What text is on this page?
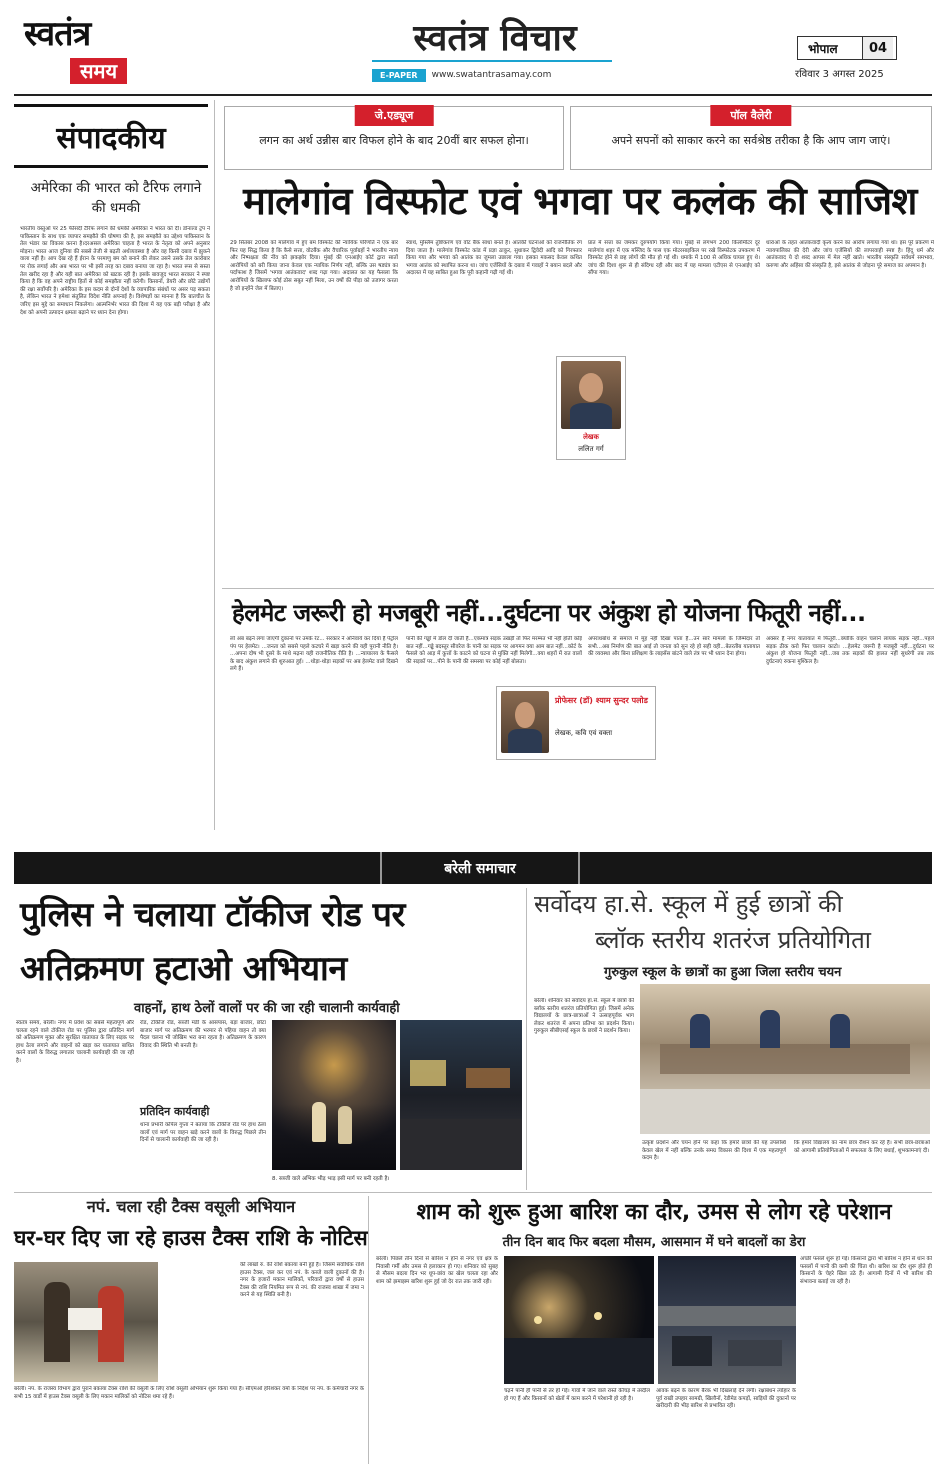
स्वतंत्र
समय
स्वतंत्र विचार
E-PAPER	www.swatantrasamay.com
भोपाल	04
रविवार 3 अगस्त 2025
संपादकीय
अमेरिका की भारत को टैरिफ लगाने की धमकी
भारतीय वस्तुओं पर 25 फीसदी टैरिफ लगाने की धमकी अमेरिका ने भारत को दी। डोनाल्ड ट्रंप ने पाकिस्तान के साथ एक व्यापार समझौते की घोषणा की है, इस समझौते का उद्देश्य पाकिस्तान के तेल भंडार का विकास करना है।दरअसल अमेरिका चाहता है भारत के नेतृत्व को अपने अनुसार मोड़ना। भारत आज दुनिया की सबसे तेजी से बढ़ती अर्थव्यवस्था है और वह किसी दबाव में झुकने वाला नहीं है। आप देख रहे हैं ईरान के परमाणु बम को बनाने की लेकर उसने उसके तेल कारोबार पर रोक लगाई और अब भारत पर भी इसी तरह का दबाव बनाया जा रहा है। भारत रूस से सस्ता तेल खरीद रहा है और यही बात अमेरिका को खटक रही है। इसके बावजूद भारत सरकार ने स्पष्ट किया है कि वह अपने राष्ट्रीय हितों से कोई समझौता नहीं करेगी। किसानों, डेयरी और छोटे उद्योगों की रक्षा सर्वोपरि है। अमेरिका के इस कदम से दोनों देशों के व्यापारिक संबंधों पर असर पड़ सकता है, लेकिन भारत ने हमेशा संतुलित विदेश नीति अपनाई है। विशेषज्ञों का मानना है कि बातचीत के जरिए इस मुद्दे का समाधान निकलेगा। आत्मनिर्भर भारत की दिशा में यह एक बड़ी परीक्षा है और देश को अपनी उत्पादन क्षमता बढ़ाने पर ध्यान देना होगा।
जे.एड्यूज
लगन का अर्थ उन्नीस बार विफल होने के बाद 20वीं बार सफल होना।
पॉल वैलेरी
अपने सपनों को साकार करने का सर्वश्रेष्ठ तरीका है कि आप जाग जाएं।
मालेगांव विस्फोट एवं भगवा पर कलंक की साजिश
29 सितंबर 2008 को मालेगांव में हुए बम विस्फोट की न्यायिक परिणति ने एक बार फिर यह सिद्ध किया है कि कैसे सत्ता, वोटबैंक और वैचारिक पूर्वाग्रहों ने भारतीय न्याय और निष्पक्षता की नींव को झकझोर दिया। मुंबई की एनआईए कोर्ट द्वारा सातों आरोपियों को बरी किया जाना केवल एक न्यायिक निर्णय नहीं, बल्कि उस षड्यंत्र का पर्दाफाश है जिसमें 'भगवा आतंकवाद' शब्द गढ़ा गया। अदालत का यह फैसला कि आरोपियों के खिलाफ कोई ठोस सबूत नहीं मिला, उन वर्षों की पीड़ा को उजागर करता है जो इन्होंने जेल में बिताए।
स्वार्थ, मुस्लिम तुष्टिकरण एवं वोट बैंक साधा बनते हैं। आतंकी घटनाओं को राजनीतिक रंग दिया जाता है। मालेगांव विस्फोट कांड में प्रज्ञा ठाकुर, सुधाकर द्विवेदी आदि को गिरफ्तार किया गया और भगवा को आतंक का जुमला उछाला गया। इसका मकसद केवल कथित भगवा आतंक को स्थापित करना था। जांच एजेंसियों के दबाव में गवाहों ने बयान बदले और अदालत में यह साबित हुआ कि पूरी कहानी गढ़ी गई थी।
लेखक
ललित गर्ग
प्रांत में सत्ता का जमकर दुरुपयोग किया गया। मुंबई से लगभग 200 किलोमीटर दूर मालेगांव शहर में एक मस्जिद के पास एक मोटरसाइकिल पर रखे विस्फोटक उपकरण में विस्फोट होने से छह लोगों की मौत हो गई थी। धमाके में 100 से अधिक घायल हुए थे। जांच की दिशा शुरू से ही संदिग्ध रही और बाद में यह मामला एटीएस से एनआईए को सौंपा गया।
धाराओं के तहत आतंकवादी कृत्य करने का आरोप लगाया गया था। इस पूरे प्रकरण में न्यायपालिका की देरी और जांच एजेंसियों की लापरवाही स्पष्ट है। हिंदू धर्म और आतंकवाद ये दो शब्द आपस में मेल नहीं खाते। भारतीय संस्कृति सर्वधर्म समभाव, करुणा और अहिंसा की संस्कृति है, इसे आतंक से जोड़ना पूरे समाज का अपमान है।
हेलमेट जरूरी हो मजबूरी नहीं...दुर्घटना पर अंकुश हो योजना फितूरी नहीं...
लो अब बढ़ने लगा जाएगी दुकानों पर उमके रेट... सरकार ने अनिवार्य कर दिया है पेट्रोल पंप पर हेलमेट। ...जनता को सबसे पहले कटघरे में खड़ा करने की यही पुरानी नीति है। ...अपना दोष भी दूसरे के माथे मढ़ना यही राजनीतिक रीति है। ...न्यायालय के फैसले के बाद अंकुश लगाने की शुरुआत हुई। ...थोड़ा-थोड़ा सड़कों पर अब हेलमेट वाले दिखने लगे हैं।
पानी की गड्ढों में डोल दी जाती है...एकमात्र सड़क उखड़ी तो फिर मरम्मत भी नहीं होती कोई बात नहीं...गड्ढे बदस्तूर सीवरेज के पानी का सड़क पर आगमन क्या आम बात नहीं...कोर्ट के फैसले को आड़ में कुत्तों के काटने को घटना से मुक्ति नहीं मिलेगी...क्या शहरों में रात वालों की सड़कों पर...पीने के पानी की समस्या पर कोई नहीं बोलता।
प्रोफेसर (डॉ) श्याम सुन्दर पलोड
लेखक, कवि एवं वक्ता
अपराधबोध से समाज में मुंह नहीं दिखा पाता है...उन सारे मामलों के जिम्मेदार तो सभी...अब निर्माण की बात आई तो जनता को सुन रहे हो सही वही...बेतरतीब यातायात की व्यवस्था और बिना प्रशिक्षण के लाइसेंस बांटने वाले तंत्र पर भी ध्यान देना होगा।
अक्सर हैं नगर यातायात में फितूरी...क्योंकि वाहन चलाने लायक सड़क नहीं...पहले सड़क ठीक करो फिर चालान काटो। ...हेलमेट जरूरी है मजबूरी नहीं...दुर्घटना पर अंकुश हो योजना फितूरी नहीं...जब तक सड़कों की हालत नहीं सुधरेगी तब तक दुर्घटनाएं रुकना मुश्किल है।
बरेली समाचार
पुलिस ने चलाया टॉकीज रोड पर
अतिक्रमण हटाओ अभियान
वाहनों, हाथ ठेलों वालों पर की जा रही चालानी कार्यवाही
स्वतंत्र समय, बरेली। नगर में प्रवेश का सबसे महत्वपूर्ण और चलता रहने वाले टॉकीज रोड पर पुलिस द्वारा प्रतिदिन मार्ग को अतिक्रमण मुक्त और सुरक्षित यातायात के लिए सड़क पर हाथ ठेला लगाने और वाहनों को खड़ा कर यातायात बाधित करने वालों के विरुद्ध लगातार चालानी कार्यवाही की जा रही है।
रोड, टॉकीज रोड, सब्जी मंडी के आसपास, बड़ा बाजार, छोटा बाजार मार्ग पर अतिक्रमण की भरमार से पहिया वाहन तो क्या पैदल चलना भी जोखिम भरा बना रहता है। अतिक्रमण के कारण विवाद की स्थिति भी बनती है।
प्रतिदिन कार्यवाही
थाना प्रभारी कपिल गुप्ता ने बताया कि टॉकीज रोड पर हाथ ठेला वालों एवं मार्ग पर वाहन खड़े करने वालों के विरुद्ध पिछले तीन दिनों से चालानी कार्यवाही की जा रही है।
8. सब्जी वाले अभिक भीड़ भाड़ इसी मार्ग पर बनी रहती है।
सर्वोदय हा.से. स्कूल में हुई छात्रों की
ब्लॉक स्तरीय शतरंज प्रतियोगिता
गुरुकुल स्कूल के छात्रों का हुआ जिला स्तरीय चयन
बरेली। शनिवार को सर्वोदय हा.से. स्कूल में छात्रों की ब्लॉक स्तरीय शतरंज प्रतियोगिता हुई। जिसमें अनेक विद्यालयों के छात्र-छात्राओं ने उत्साहपूर्वक भाग लेकर शतरंज में अपना प्रतिभा का प्रदर्शन किया। गुरुकुल सीबीएसई स्कूल के छात्रों ने प्रदर्शन किया।
उत्कृष्ट प्रदर्शन और चयन होने पर कहा कि हमारे छात्रों की यह उपलब्धि केवल खेल में नहीं बल्कि उनके समग्र विकास की दिशा में एक महत्वपूर्ण कदम है।
कि हमारे विद्यालय का नाम छात्र रौशन कर रहे हैं। सभी छात्र-छात्राओं को आगामी प्रतियोगिताओं में सफलता के लिए बधाई, शुभकामनाएं दी।
नपं. चला रही टैक्स वसूली अभियान
घर-घर दिए जा रहे हाउस टैक्स राशि के नोटिस
की लाखों रु. की राशि बकाया बनी हुई है। जिसमें सर्वाधिक राशि हाउस टैक्स, जल कर एवं नपं. के कब्जे वाली दुकानों की है। नगर के हजारों मकान मालिकों, परिवारों द्वारा वर्षों से हाउस टैक्स की राशि नियमित रूप से नपं. की राजस्व शाखा में जमा न करने से यह स्थिति बनी है।
बरेली। नपं. के राजस्व विभाग द्वारा पुराने बकाया टैक्स राशि की वसूली के लिए राशि वसूली अभियान शुरू किया गया है। सीएमओ हरिशंकर वर्मा के निर्देश पर नपं. के कर्मचारी नगर के सभी 15 वार्डों में हाउस टैक्स वसूली के लिए मकान मालिकों को नोटिस थमा रहे हैं।
शाम को शुरू हुआ बारिश का दौर, उमस से लोग रहे परेशान
तीन दिन बाद फिर बदला मौसम, आसमान में घने बादलों का डेरा
बरेली। पिछले तीन दिनों से बारिश न होने से नगर एवं क्षेत्र के निवासी गर्मी और उमस से हलाकान हो गए। शनिवार को सुबह से मौसम बदला दिन भर धूप-छांव का खेल चलता रहा और शाम को झमाझम बारिश शुरू हुई जो देर रात तक जारी रही।
अच्छी फसलें शुरू हो गईं। किसानों द्वारा भी बारिश न होने से धान की फसलों में पानी की कमी की चिंता थी। बारिश का दौर शुरू होते ही किसानों के चेहरे खिल उठे हैं। आगामी दिनों में भी बारिश की संभावना बताई जा रही है।
चढ़ने पानी ही पानी से तर हो गईं। गांवों में जाने वाले रास्ते कीचड़ में तब्दील हो गए हैं और किसानों को खेतों में काम करने में परेशानी हो रही है।
आवक बढ़ने के कारण बैरक भी दिखलाई देने लगी। रक्षाबंधन त्योहार के पूर्व राखी उपहार सामग्री, खिलौनों, रेडीमेड कपड़ों, साड़ियों की दुकानों पर खरीदारी की भीड़ बारिश से प्रभावित रही।
